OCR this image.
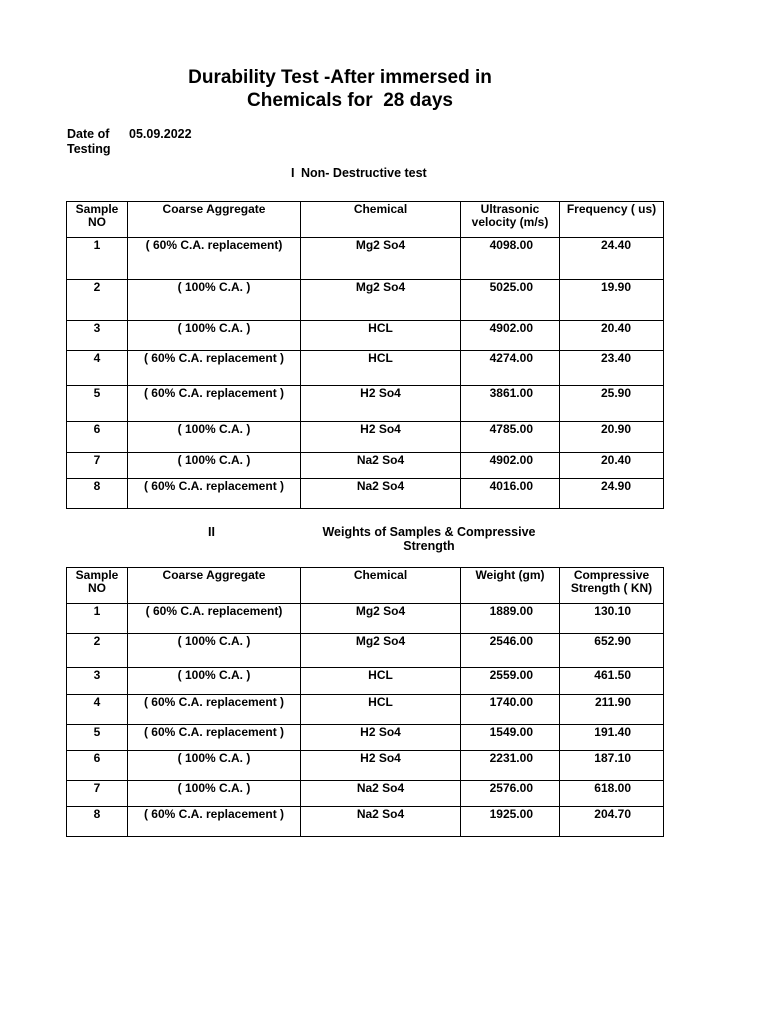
Durability Test -After immersed in
Chemicals for  28 days
Date of Testing
05.09.2022
I Non- Destructive test
Sample NO	Coarse Aggregate	Chemical	Ultrasonic velocity (m/s)	Frequency ( us)
1	( 60% C.A. replacement)	Mg2 So4	4098.00	24.40
2	( 100% C.A. )	Mg2 So4	5025.00	19.90
3	( 100% C.A. )	HCL	4902.00	20.40
4	( 60% C.A. replacement )	HCL	4274.00	23.40
5	( 60% C.A. replacement )	H2 So4	3861.00	25.90
6	( 100% C.A. )	H2 So4	4785.00	20.90
7	( 100% C.A. )	Na2 So4	4902.00	20.40
8	( 60% C.A. replacement )	Na2 So4	4016.00	24.90
II	Weights of Samples & Compressive Strength
Sample NO	Coarse Aggregate	Chemical	Weight (gm)	Compressive Strength ( KN)
1	( 60% C.A. replacement)	Mg2 So4	1889.00	130.10
2	( 100% C.A. )	Mg2 So4	2546.00	652.90
3	( 100% C.A. )	HCL	2559.00	461.50
4	( 60% C.A. replacement )	HCL	1740.00	211.90
5	( 60% C.A. replacement )	H2 So4	1549.00	191.40
6	( 100% C.A. )	H2 So4	2231.00	187.10
7	( 100% C.A. )	Na2 So4	2576.00	618.00
8	( 60% C.A. replacement )	Na2 So4	1925.00	204.70
